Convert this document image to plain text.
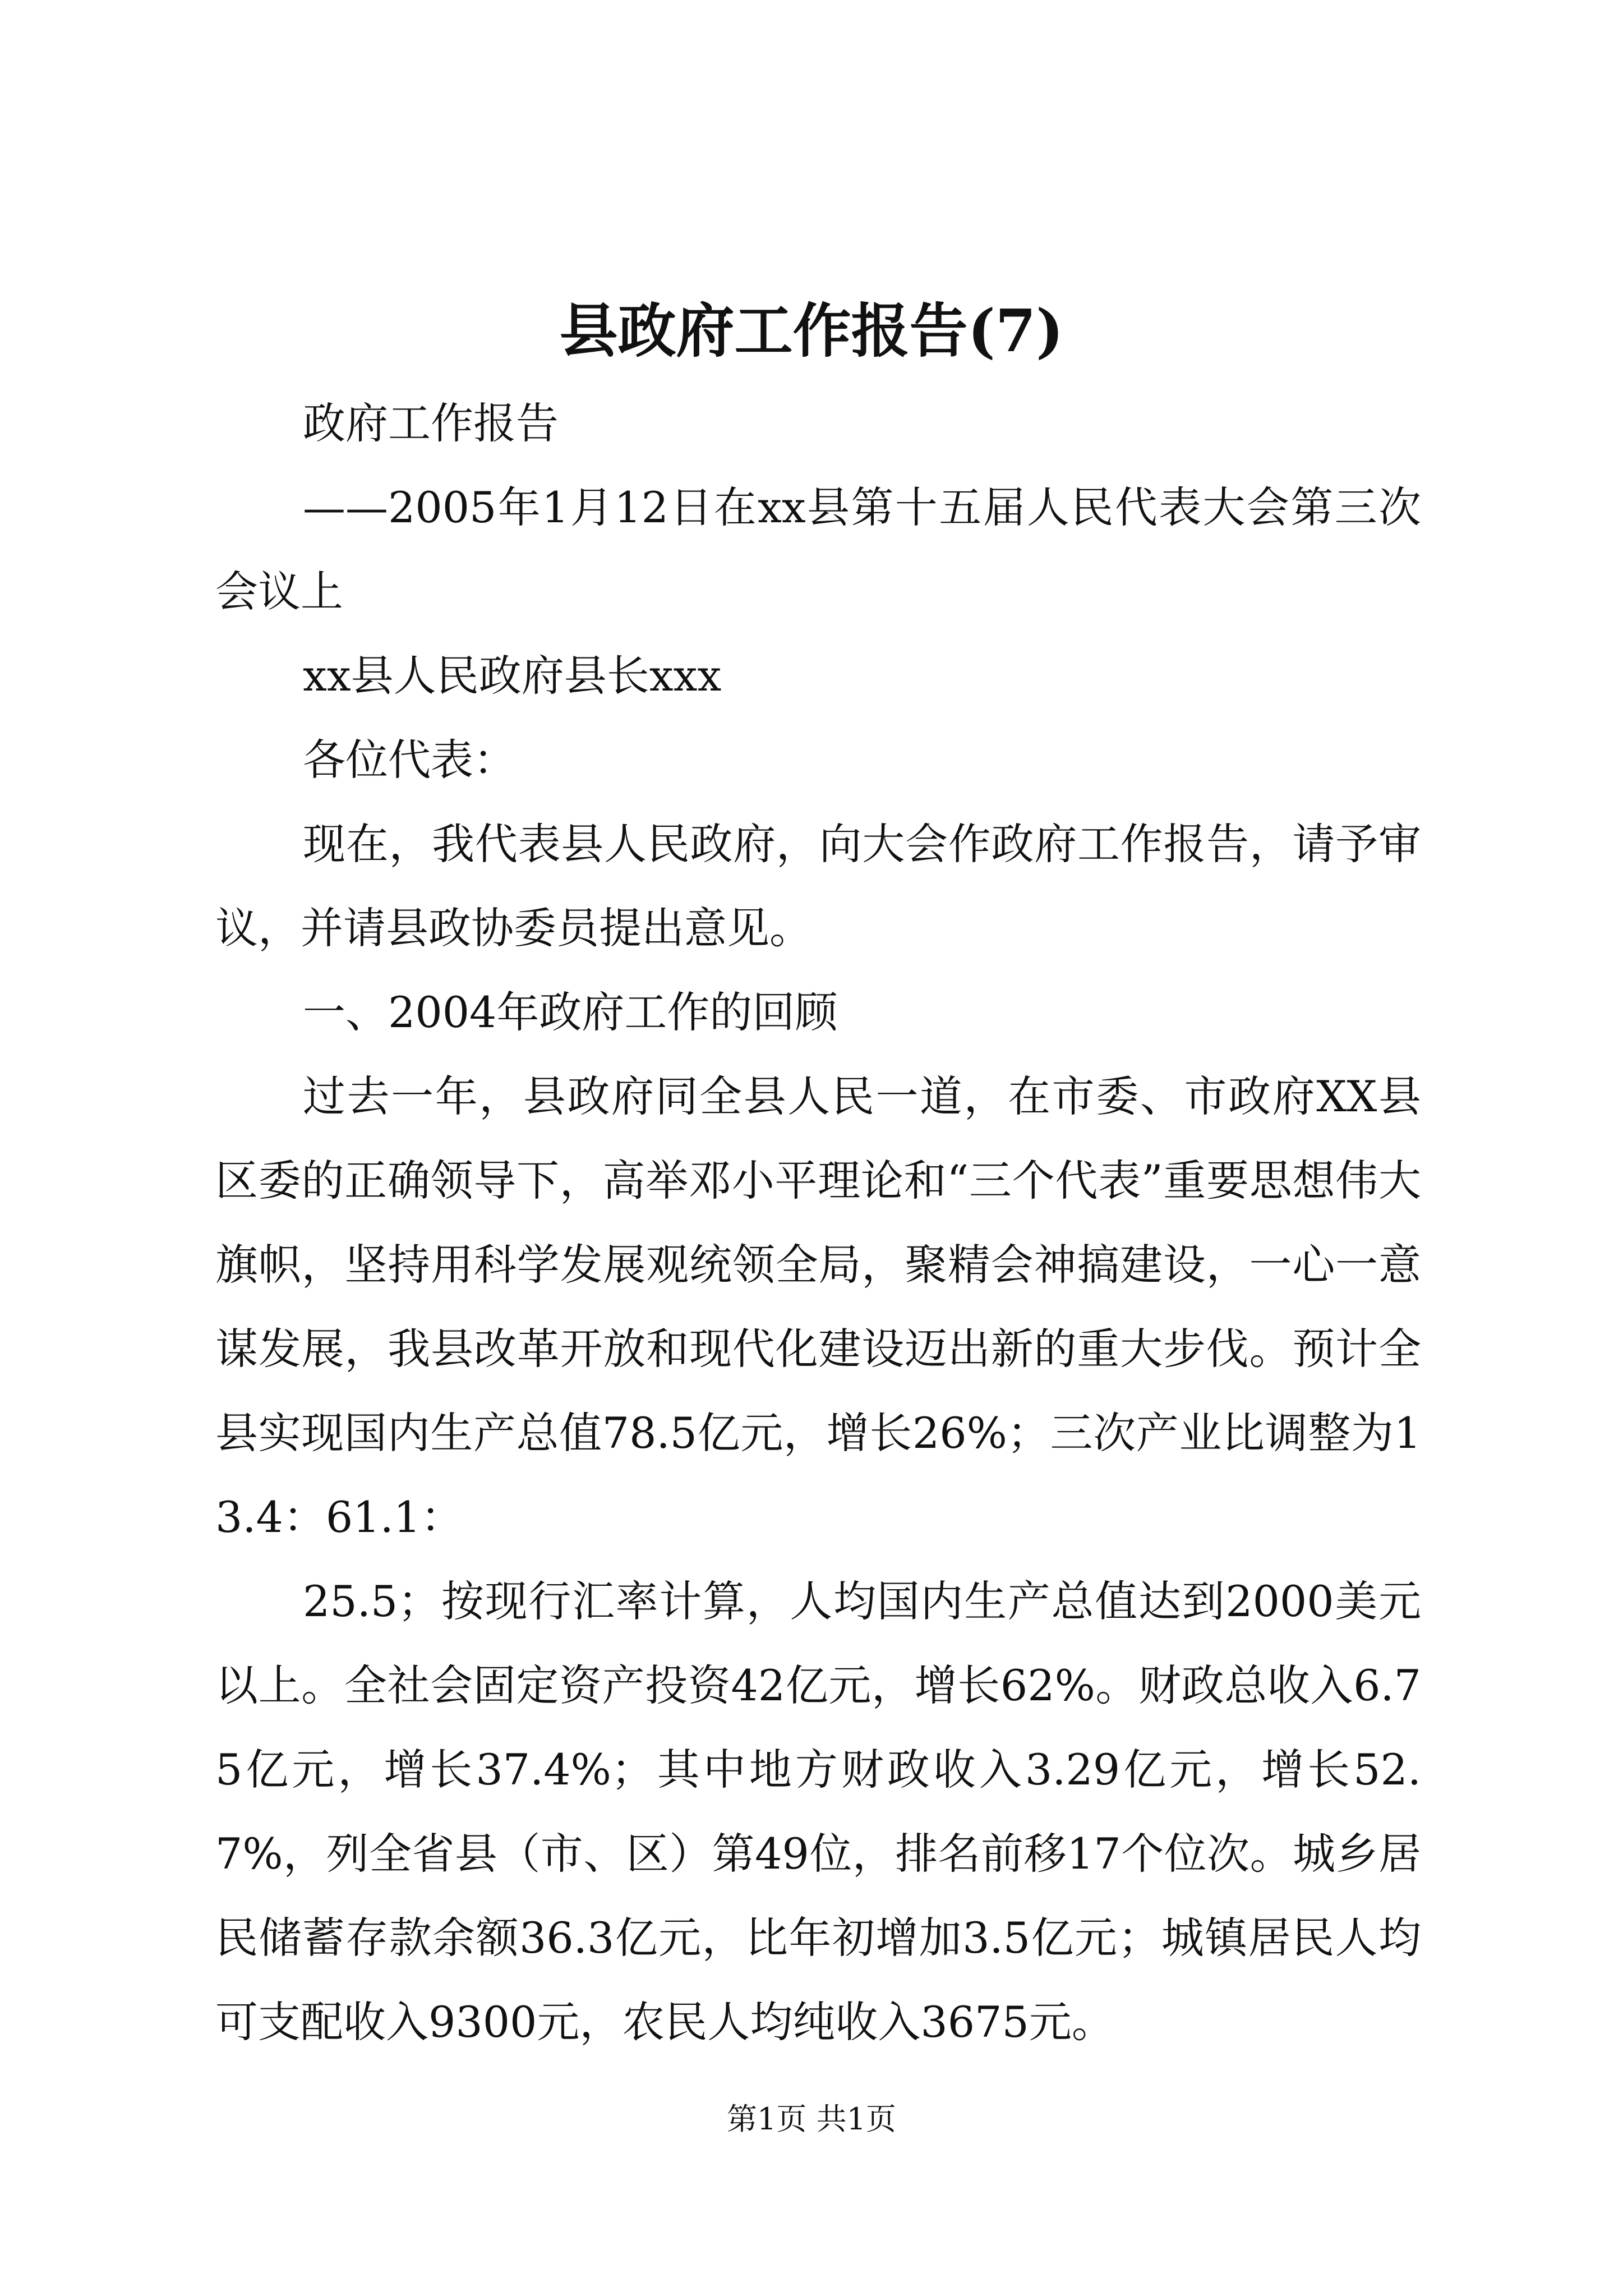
县政府工作报告(7)

政府工作报告

——2005年1月12日在xx县第十五届人民代表大会第三次会议上

xx县人民政府县长xxx

各位代表：

现在，我代表县人民政府，向大会作政府工作报告，请予审议，并请县政协委员提出意见。

一、2004年政府工作的回顾

过去一年，县政府同全县人民一道，在市委、市政府XX县区委的正确领导下，高举邓小平理论和“三个代表”重要思想伟大旗帜，坚持用科学发展观统领全局，聚精会神搞建设，一心一意谋发展，我县改革开放和现代化建设迈出新的重大步伐。预计全县实现国内生产总值78.5亿元，增长26%；三次产业比调整为13.4：61.1：

25.5；按现行汇率计算，人均国内生产总值达到2000美元以上。全社会固定资产投资42亿元，增长62%。财政总收入6.75亿元，增长37.4%；其中地方财政收入3.29亿元，增长52.7%，列全省县（市、区）第49位，排名前移17个位次。城乡居民储蓄存款余额36.3亿元，比年初增加3.5亿元；城镇居民人均可支配收入9300元，农民人均纯收入3675元。

第1页 共1页
